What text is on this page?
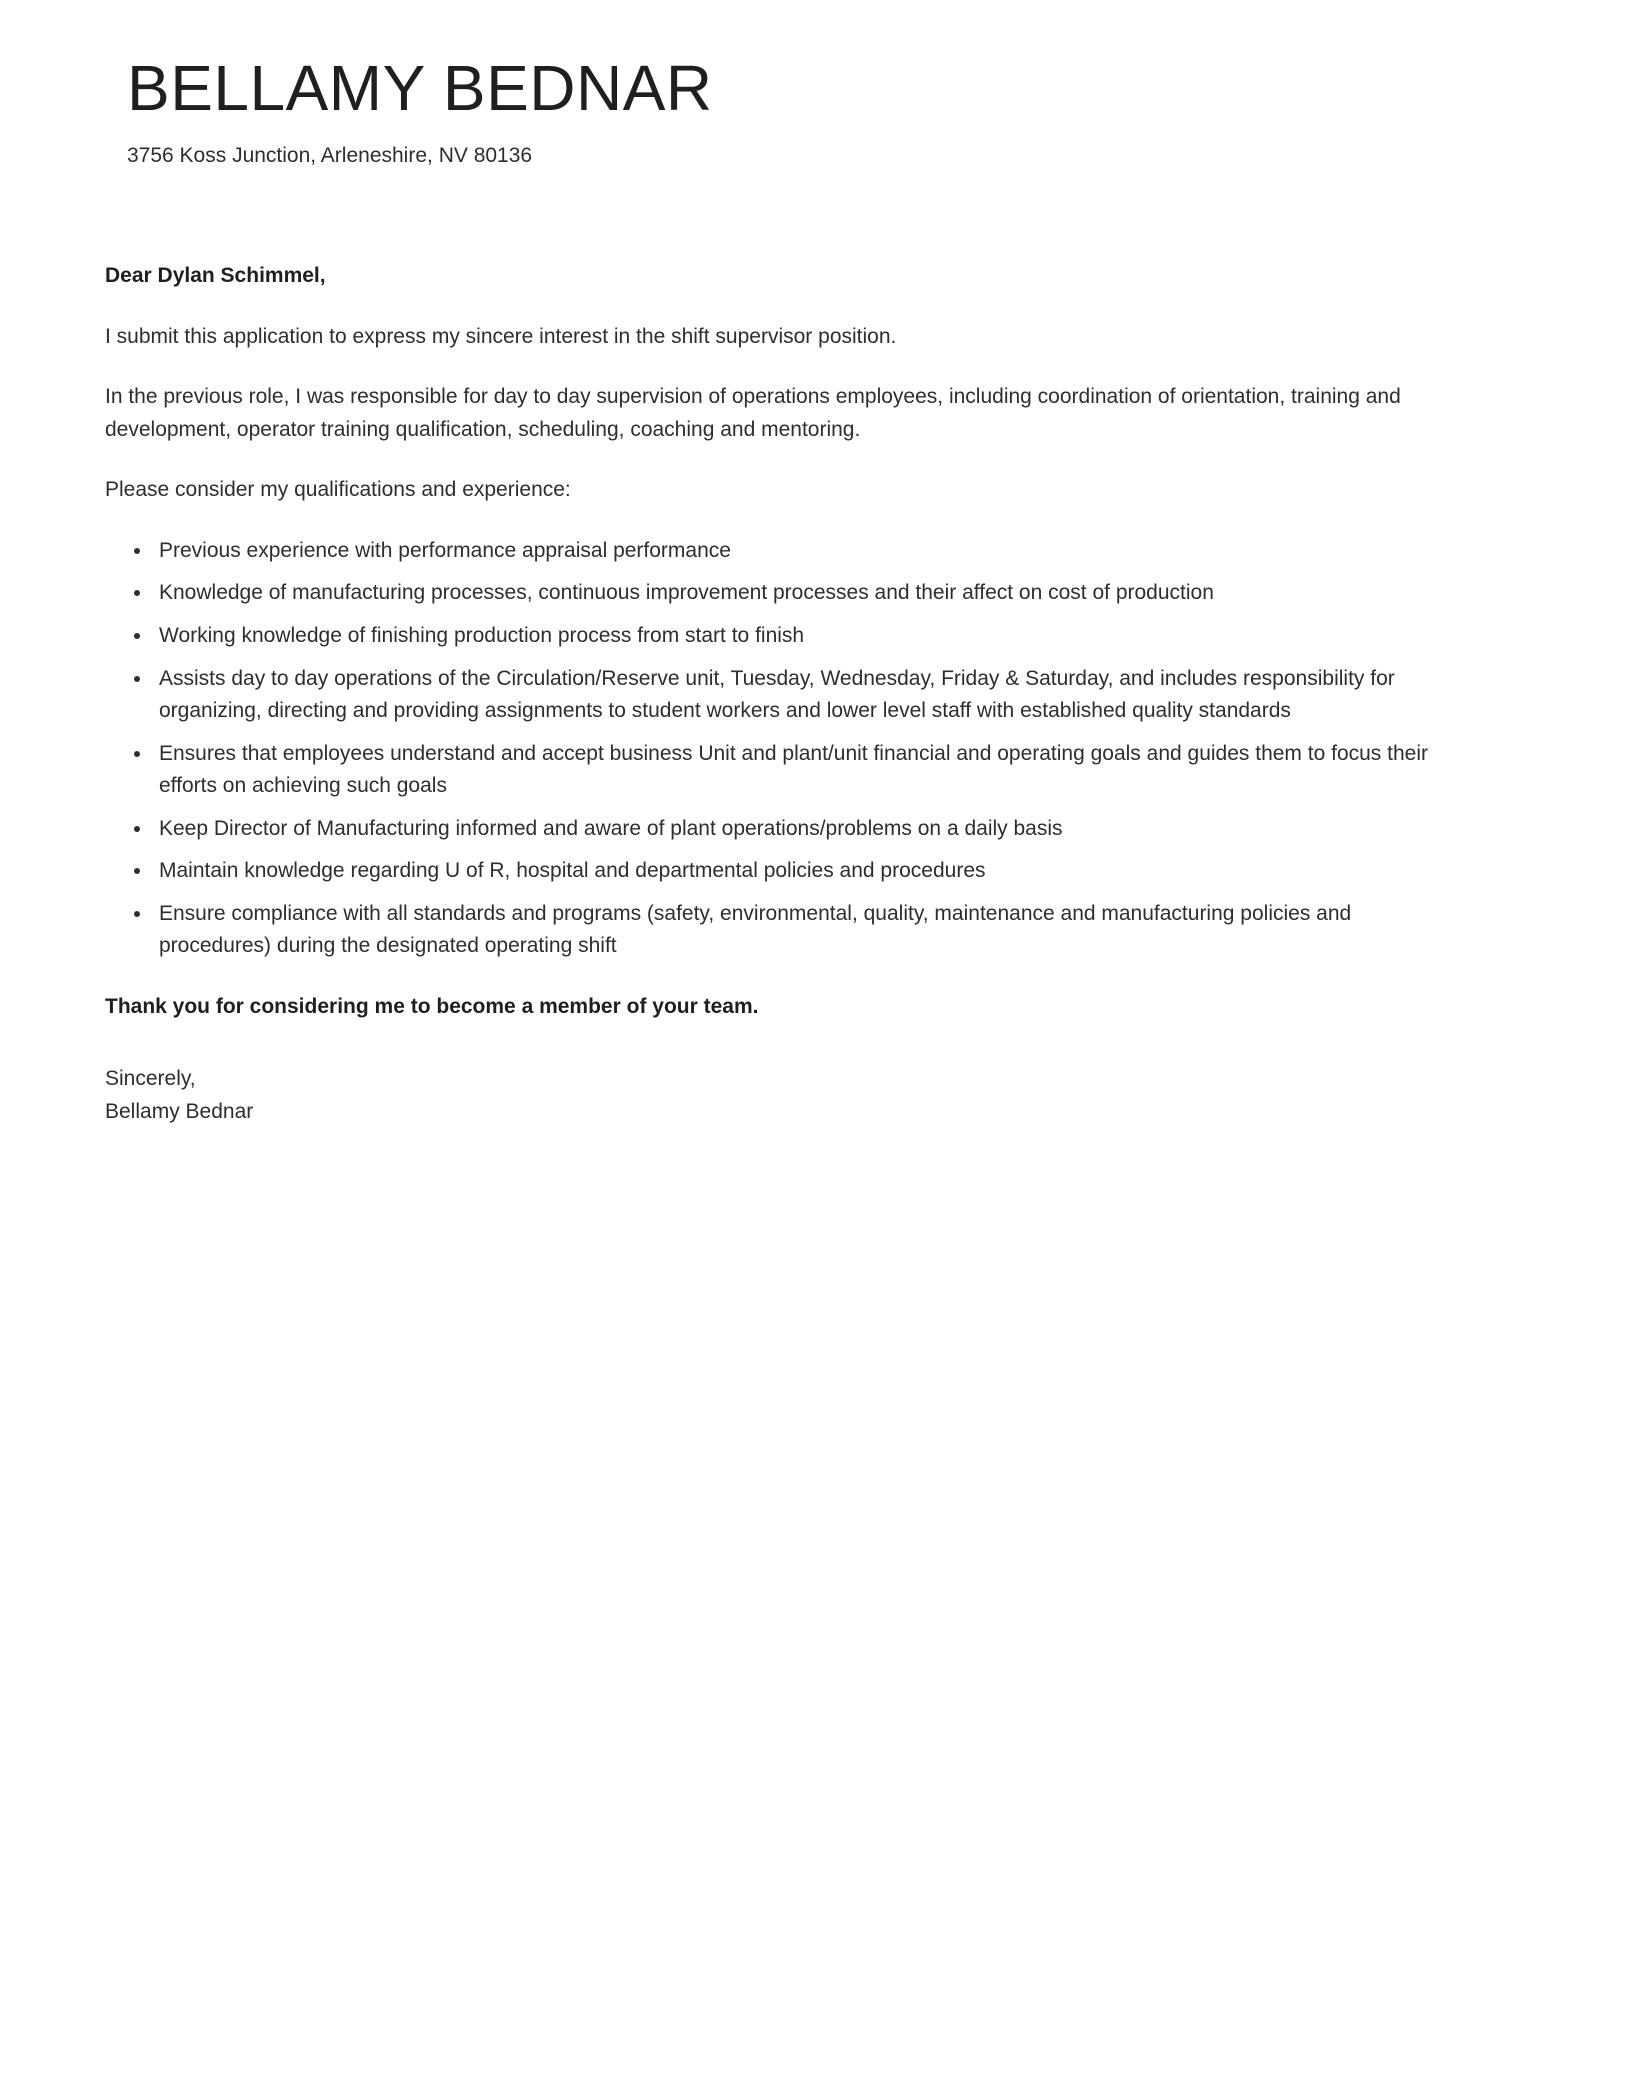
BELLAMY BEDNAR

3756 Koss Junction, Arleneshire, NV 80136

Dear Dylan Schimmel,

I submit this application to express my sincere interest in the shift supervisor position.

In the previous role, I was responsible for day to day supervision of operations employees, including coordination of orientation, training and development, operator training qualification, scheduling, coaching and mentoring.

Please consider my qualifications and experience:

• Previous experience with performance appraisal performance
• Knowledge of manufacturing processes, continuous improvement processes and their affect on cost of production
• Working knowledge of finishing production process from start to finish
• Assists day to day operations of the Circulation/Reserve unit, Tuesday, Wednesday, Friday & Saturday, and includes responsibility for organizing, directing and providing assignments to student workers and lower level staff with established quality standards
• Ensures that employees understand and accept business Unit and plant/unit financial and operating goals and guides them to focus their efforts on achieving such goals
• Keep Director of Manufacturing informed and aware of plant operations/problems on a daily basis
• Maintain knowledge regarding U of R, hospital and departmental policies and procedures
• Ensure compliance with all standards and programs (safety, environmental, quality, maintenance and manufacturing policies and procedures) during the designated operating shift

Thank you for considering me to become a member of your team.

Sincerely,

Bellamy Bednar
